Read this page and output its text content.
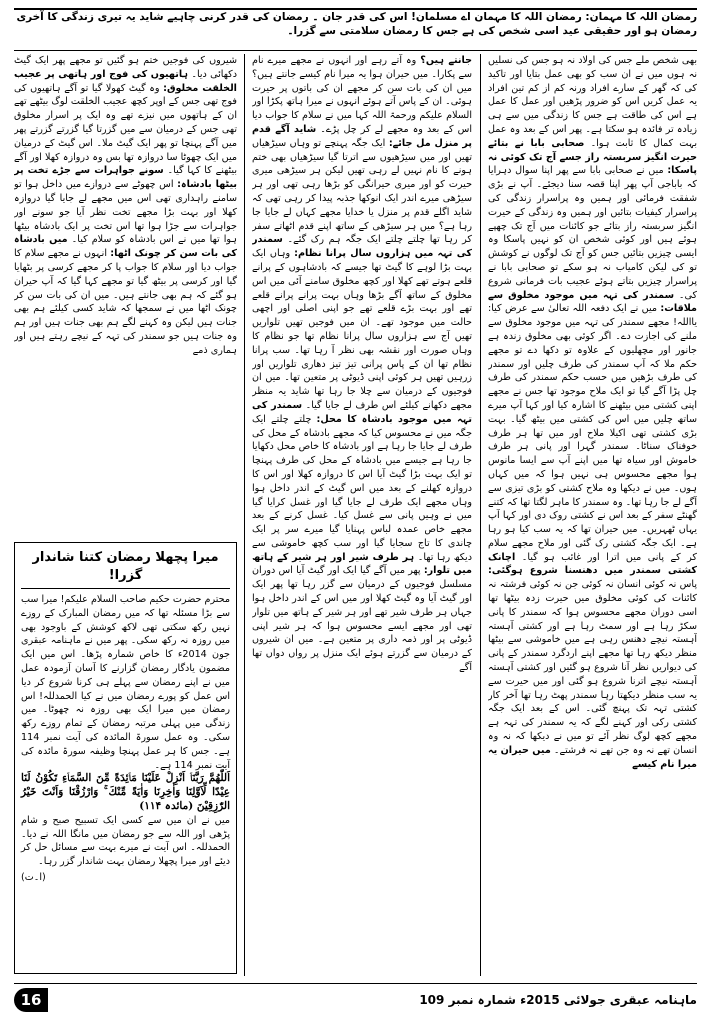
رمضان اللہ کا مہمان: رمضان اللہ کا مہمان اے مسلمان! اس کی قدر جان ۔ رمضان کی قدر کرنی چاہیے شاید یہ تیری زندگی کا آخری رمضان ہو اور حقیقی عید اسی شخص کی ہے جس کا رمضان سلامتی سے گزرا۔

بھی شخص ملے جس کی اولاد نہ ہو جس کی نسلیں نہ ہوں میں نے ان سب کو بھی عمل بتایا اور تاکید کی کہ گھر کے سارے افراد ورنہ کم از کم تین افراد یہ عمل کریں اس کو ضرور پڑھیں اور عمل کا عمل ہے اس کی طاقت ہے جس کا زندگی میں سے ہی زیادہ تر فائدہ ہو سکتا ہے۔ پھر اس کے بعد وہ عمل بہت کمال کا ثابت ہوا۔ صحابی بابا نے بتائے حیرت انگیز سربستہ راز جسے آج تک کوئی نہ پاسکا: میں نے صحابی بابا سے پھر اپنا سوال دہرایا کہ باباجی آپ پھر اپنا قصہ سنا دیجئے۔ آپ نے بڑی شفقت فرمائی اور ہمیں وہ پراسرار زندگی کی پراسرار کیفیات بتائیں اور ہمیں وہ زندگی کے حیرت انگیز سربستہ راز بتائے جو کائنات میں آج تک چھپے ہوئے ہیں اور کوئی شخص ان کو نہیں پاسکا وہ ایسی چیزیں بتائیں جس کو آج تک لوگوں نے کوشش تو کی لیکن کامیاب نہ ہو سکے تو صحابی بابا نے پراسرار چیزیں بتاتے ہوئے عجیب بات فرمانی شروع کی۔ سمندر کی تہہ میں موجود مخلوق سے ملاقات: میں نے ایک دفعہ اللہ تعالیٰ سے عرض کیا: یااللہ! مجھے سمندر کی تہہ میں موجود مخلوق سے ملنے کی اجازت دے۔ اگر کوئی بھی مخلوق زندہ ہے جانور اور مچھلیوں کے علاوہ تو دکھا دے تو مجھے حکم ملا کہ آپ سمندر کی طرف چلیں اور سمندر کی طرف بڑھیں میں حسب حکم سمندر کی طرف چل پڑا آگے گیا تو ایک ملاح موجود تھا جس نے مجھے اپنی کشتی میں بیٹھنے کا اشارہ کیا اور کہا آپ میرے ساتھ چلیں میں اس کی کشتی میں بیٹھ گیا۔ بہت بڑی کشتی تھی اکیلا ملاح اور میں تھا ہر طرف خوفناک سناٹا۔ سمندر گہرا اور پانی ہر طرف خاموش اور سیاہ تھا میں اپنے آپ سے ایسا مانوس ہوا مجھے محسوس ہی نہیں ہوا کہ میں کہاں ہوں۔ میں نے دیکھا وہ ملاح کشتی کو بڑی تیزی سے آگے لے جا رہا تھا۔ وہ سمندر کا ماہر لگتا تھا کہ کتنے گھنٹے سفر کے بعد اس نے کشتی روک دی اور کہا آپ یہاں ٹھہریں۔ میں حیران تھا کہ یہ سب کیا ہو رہا ہے۔ ایک جگہ کشتی رک گئی اور ملاح مجھے سلام کر کے پانی میں اترا اور غائب ہو گیا۔ اچانک کشتی سمندر میں دھنسنا شروع ہوگئی: پاس نہ کوئی انسان نہ کوئی جن نہ کوئی فرشتہ نہ کائنات کی کوئی مخلوق میں حیرت زدہ بیٹھا تھا اسی دوران مجھے محسوس ہوا کہ سمندر کا پانی سکڑ رہا ہے اور سمٹ رہا ہے اور کشتی آہستہ آہستہ نیچے دھنس رہی ہے میں خاموشی سے بیٹھا منظر دیکھ رہا تھا مجھے اپنے اردگرد سمندر کے پانی کی دیواریں نظر آنا شروع ہو گئیں اور کشتی آہستہ آہستہ نیچے اترنا شروع ہو گئی اور میں حیرت سے یہ سب منظر دیکھتا رہا سمندر پھٹ رہا تھا آخر کار کشتی تہہ تک پہنچ گئی۔ اس کے بعد ایک جگہ کشتی رکی اور کہنے لگے کہ یہ سمندر کی تہہ ہے مجھے کچھ لوگ نظر آئے تو میں نے دیکھا کہ نہ وہ انسان تھے نہ وہ جن تھے نہ فرشتے۔ میں حیران یہ میرا نام کیسے

جانتے ہیں؟ وہ آتے رہے اور انہوں نے مجھے میرے نام سے پکارا۔ میں حیران ہوا یہ میرا نام کیسے جانتے ہیں؟ میں ان کی بات سن کر مجھے ان کی باتوں پر حیرت ہوئی۔ ان کے پاس آتے ہوئے انہوں نے میرا ہاتھ پکڑا اور السلام علیکم ورحمۃ اللہ کہا میں نے سلام کا جواب دیا اس کے بعد وہ مجھے لے کر چل پڑے۔ شاید آگے قدم پر منزل مل جائے: ایک جگہ پہنچے تو وہاں سیڑھیاں تھیں اور میں سیڑھیوں سے اترتا گیا سیڑھیاں بھی ختم ہونے کا نام نہیں لے رہی تھیں لیکن ہر سیڑھی میری حیرت کو اور میری حیرانگی کو بڑھا رہی تھی اور ہر سیڑھی میرے اندر ایک انوکھا جذبہ پیدا کر رہی تھی کہ شاید اگلے قدم پر منزل یا خدایا مجھے کہاں لے جایا جا رہا ہے؟ میں ہر سیڑھی کے ساتھ اپنے قدم اٹھاتے سفر کر رہا تھا چلتے چلتے ایک جگہ ہم رک گئے۔ سمندر کی تہہ میں ہزاروں سال پرانا نظام: وہاں ایک بہت بڑا لوہے کا گیٹ تھا جیسے کہ بادشاہوں کے پرانے قلعے ہوتے تھے کھلا اور کچھ مخلوق سامنے آئی میں اس مخلوق کے ساتھ آگے بڑھا وہاں بہت پرانے پرانے قلعے تھے اور بہت بڑے قلعے تھے جو اپنی اصلی اور اچھی حالت میں موجود تھے۔ ان میں فوجیں تھیں تلواریں تھیں آج سے ہزاروں سال پرانا نظام تھا جو نظام کا وہاں صورت اور نقشہ بھی نظر آ رہا تھا۔ سب پرانا نظام تھا ان کے پاس پرانی تیز تیز دھاری تلواریں اور زرہیں تھیں ہر کوئی اپنی ڈیوٹی پر متعین تھا۔ میں ان فوجیوں کے درمیان سے چلا جا رہا تھا شاید یہ منظر مجھے دکھانے کیلئے اس طرف لے جایا گیا۔ سمندر کی تہہ میں موجود بادشاہ کا محل: چلتے چلتے ایک جگہ میں نے محسوس کیا کہ مجھے بادشاہ کے محل کی طرف لے جایا جا رہا ہے اور بادشاہ کا خاص محل دکھایا جا رہا ہے جیسے میں بادشاہ کے محل کی طرف پہنچا تو ایک بہت بڑا گیٹ آیا اس کا دروازہ کھلا اور اس کا دروازہ کھلنے کے بعد میں اس گیٹ کے اندر داخل ہوا وہاں مجھے ایک طرف لے جایا گیا اور غسل کرایا گیا میں نے وہیں پانی سے غسل کیا۔ غسل کرنے کے بعد مجھے خاص عمدہ لباس پہنایا گیا میرے سر پر ایک چاندی کا تاج سجایا گیا اور سب کچھ خاموشی سے دیکھ رہا تھا۔ ہر طرف شیر اور ہر شیر کے ہاتھ میں تلوار: پھر میں آگے گیا ایک اور گیٹ آیا اس دوران مسلسل فوجیوں کے درمیان سے گزر رہا تھا پھر ایک اور گیٹ آیا وہ گیٹ کھلا اور میں اس کے اندر داخل ہوا جہاں ہر طرف شیر تھے اور ہر شیر کے ہاتھ میں تلوار تھی اور مجھے ایسے محسوس ہوا کہ ہر شیر اپنی ڈیوٹی پر اور ذمہ داری پر متعین ہے۔ میں ان شیروں کے درمیان سے گزرتے ہوئے ایک منزل پر رواں دواں تھا آگے

شیروں کی فوجیں ختم ہو گئیں تو مجھے پھر ایک گیٹ دکھائی دیا۔ ہاتھیوں کی فوج اور ہاتھی پر عجیب الخلقت مخلوق: وہ گیٹ کھولا گیا تو آگے ہاتھیوں کی فوج تھی جس کے اوپر کچھ عجیب الخلقت لوگ بیٹھے تھے ان کے ہاتھوں میں نیزے تھے وہ ایک پر اسرار مخلوق تھی جس کے درمیان سے میں گزرتا گیا گزرتے گزرتے پھر میں آگے پہنچا تو پھر ایک گیٹ ملا۔ اس گیٹ کے درمیان میں ایک چھوٹا سا دروازہ تھا بس وہ دروازہ کھلا اور آگے بیٹھنے کا کہا گیا۔ سونے جواہرات سے جڑے تخت پر بیٹھا بادشاہ: اس چھوٹے سے دروازے میں داخل ہوا تو سامنے راہداری تھی اس میں مجھے لے جایا گیا دروازہ کھلا اور بہت بڑا مجھے تخت نظر آیا جو سونے اور جواہرات سے جڑا ہوا تھا اس تخت پر ایک بادشاہ بیٹھا ہوا تھا میں نے اس بادشاہ کو سلام کیا۔ میں بادشاہ کی بات سن کر چونک اٹھا: انہوں نے مجھے سلام کا جواب دیا اور سلام کا جواب پا کر مجھے کرسی پر بٹھایا گیا اور کرسی پر بیٹھ گیا تو مجھے کہا گیا کہ آپ حیران ہو گئے کہ ہم بھی جانتے ہیں۔ میں ان کی بات سن کر چونک اٹھا میں نے سمجھا کہ شاید کسی کیلئے ہم بھی جنات ہیں لیکن وہ کہنے لگے ہم بھی جنات ہیں اور ہم وہ جنات ہیں جو سمندر کی تہہ کے نیچے رہتے ہیں اور ہماری ذمے

میرا پچھلا رمضان کتنا شاندار گزرا!

محترم حضرت حکیم صاحب السلام علیکم! میرا سب سے بڑا مسئلہ تھا کہ میں رمضان المبارک کے روزے نہیں رکھ سکتی تھی لاکھ کوشش کے باوجود بھی میں روزہ نہ رکھ سکی۔ پھر میں نے ماہنامہ عبقری جون 2014ء کا خاص شمارہ پڑھا۔ اس میں ایک مضمون یادگار رمضان گزارنے کا آسان آزمودہ عمل میں نے اپنے رمضان سے پہلے ہی کرنا شروع کر دیا اس عمل کو پورے رمضان میں نے کیا الحمدللہ! اس رمضان میں میرا ایک بھی روزہ نہ چھوٹا۔ میں زندگی میں پہلی مرتبہ رمضان کے تمام روزے رکھ سکی۔ وہ عمل سورۃ المائدہ کی آیت نمبر 114 ہے۔ جس کا ہر عمل پہنچا وظیفہ سورۃ مائدہ کی آیت نمبر 114 ہے۔

اَللّٰهُمَّ رَبَّنَاۤ اَنْزِلْ عَلَيْنَا مَاۤئِدَةً مِّنَ السَّمَاۤءِ تَكُوْنُ لَنَا عِيْدًا لِّاَوَّلِنَا وَاٰخِرِنَا وَاٰيَةً مِّنْكَ ۚ وَارْزُقْنَا وَاَنْتَ خَيْرُ الرّٰزِقِيْنَ (مائدہ ۱۱۴)

میں نے ان میں سے کسی ایک تسبیح صبح و شام پڑھی اور اللہ سے جو رمضان میں مانگا اللہ نے دیا۔ الحمدللہ۔ اس آیت نے میرے بہت سے مسائل حل کر دیئے اور میرا پچھلا رمضان بہت شاندار گزر رہا۔

(ا۔ت)
16	ماہنامہ عبقری جولائی 2015ء شمارہ نمبر 109
